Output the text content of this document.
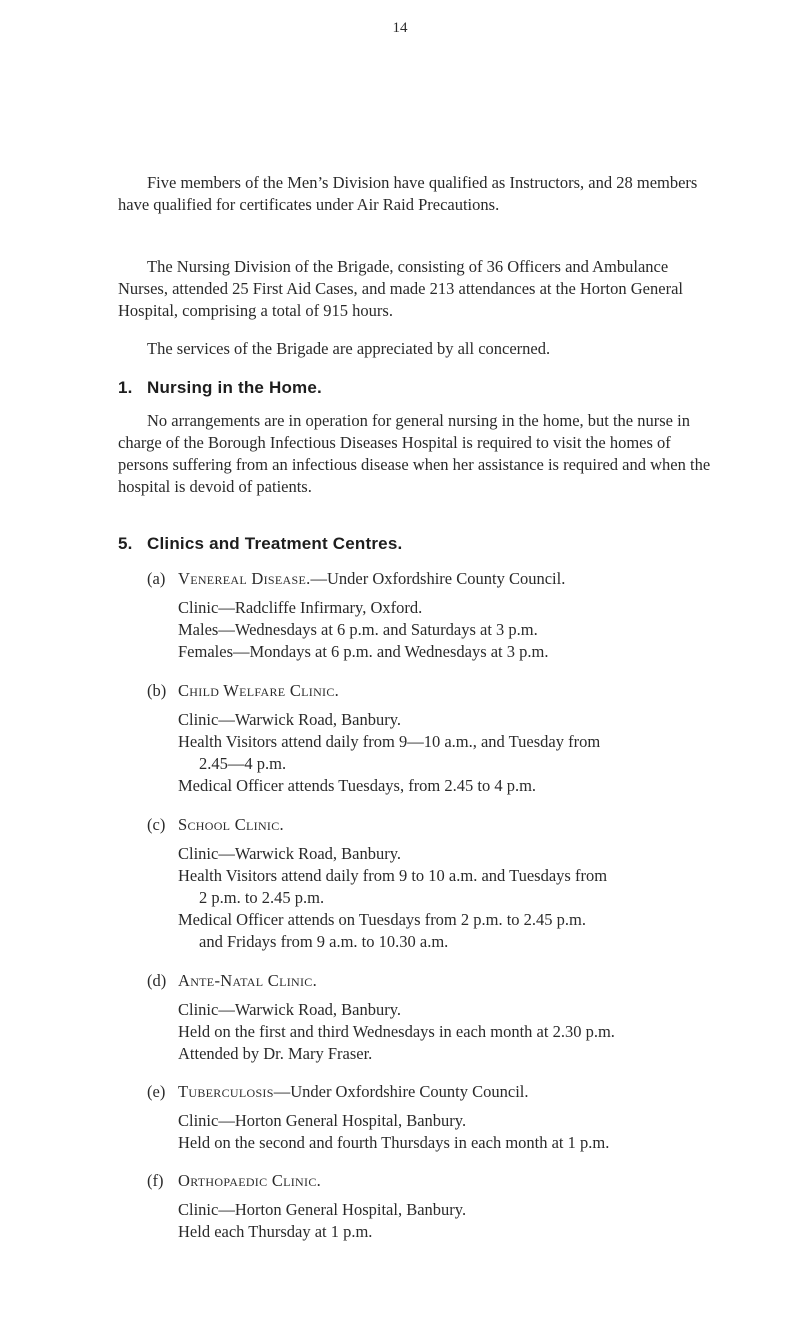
14

Five members of the Men’s Division have qualified as Instructors, and 28 members have qualified for certificates under Air Raid Precautions.

The Nursing Division of the Brigade, consisting of 36 Officers and Ambulance Nurses, attended 25 First Aid Cases, and made 213 attendances at the Horton General Hospital, comprising a total of 915 hours.

The services of the Brigade are appreciated by all concerned.

1. Nursing in the Home.

No arrangements are in operation for general nursing in the home, but the nurse in charge of the Borough Infectious Diseases Hospital is required to visit the homes of persons suffering from an infectious disease when her assistance is required and when the hospital is devoid of patients.

5. Clinics and Treatment Centres.
(a) Venereal Disease.—Under Oxfordshire County Council.
Clinic—Radcliffe Infirmary, Oxford.
Males—Wednesdays at 6 p.m. and Saturdays at 3 p.m.
Females—Mondays at 6 p.m. and Wednesdays at 3 p.m.
(b) Child Welfare Clinic.
Clinic—Warwick Road, Banbury.
Health Visitors attend daily from 9—10 a.m., and Tuesday from
2.45—4 p.m.
Medical Officer attends Tuesdays, from 2.45 to 4 p.m.
(c) School Clinic.
Clinic—Warwick Road, Banbury.
Health Visitors attend daily from 9 to 10 a.m. and Tuesdays from
2 p.m. to 2.45 p.m.
Medical Officer attends on Tuesdays from 2 p.m. to 2.45 p.m.
and Fridays from 9 a.m. to 10.30 a.m.
(d) Ante-Natal Clinic.
Clinic—Warwick Road, Banbury.
Held on the first and third Wednesdays in each month at 2.30 p.m.
Attended by Dr. Mary Fraser.
(e) Tuberculosis—Under Oxfordshire County Council.
Clinic—Horton General Hospital, Banbury.
Held on the second and fourth Thursdays in each month at 1 p.m.
(f) Orthopaedic Clinic.
Clinic—Horton General Hospital, Banbury.
Held each Thursday at 1 p.m.
